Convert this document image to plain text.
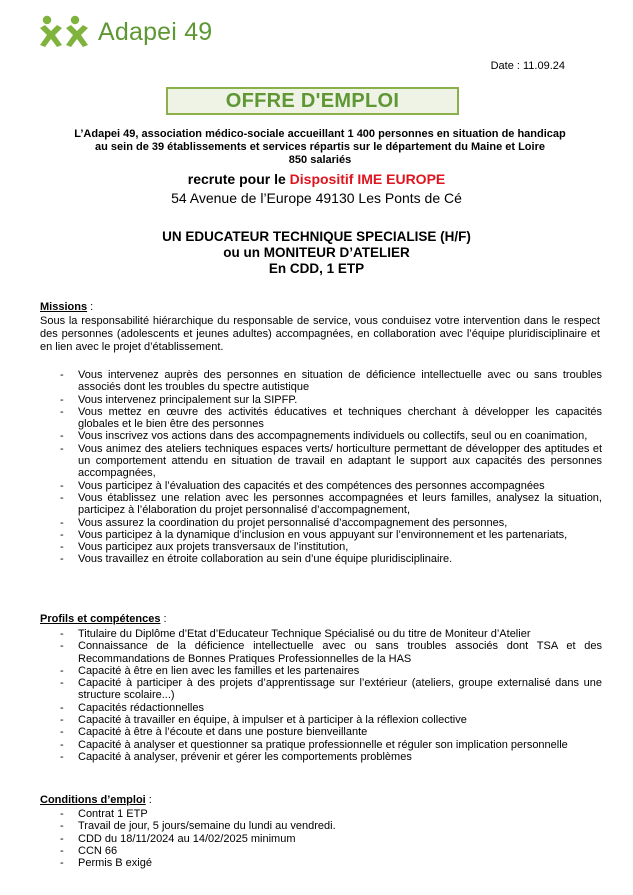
Adapei 49
Date : 11.09.24
OFFRE D'EMPLOI
L’Adapei 49, association médico-sociale accueillant 1 400 personnes en situation de handicap
au sein de 39 établissements et services répartis sur le département du Maine et Loire
850 salariés
recrute pour le Dispositif IME EUROPE
54 Avenue de l’Europe 49130 Les Ponts de Cé
UN EDUCATEUR TECHNIQUE SPECIALISE (H/F)
ou un MONITEUR D’ATELIER
En CDD, 1 ETP
Missions :
Sous la responsabilité hiérarchique du responsable de service, vous conduisez votre intervention dans le respect des personnes (adolescents et jeunes adultes) accompagnées, en collaboration avec l’équipe pluridisciplinaire et en lien avec le projet d’établissement.
- Vous intervenez auprès des personnes en situation de déficience intellectuelle avec ou sans troubles associés dont les troubles du spectre autistique
- Vous intervenez principalement sur la SIPFP.
- Vous mettez en œuvre des activités éducatives et techniques cherchant à développer les capacités globales et le bien être des personnes
- Vous inscrivez vos actions dans des accompagnements individuels ou collectifs, seul ou en coanimation,
- Vous animez des ateliers techniques espaces verts/ horticulture permettant de développer des aptitudes et un comportement attendu en situation de travail en adaptant le support aux capacités des personnes accompagnées,
- Vous participez à l’évaluation des capacités et des compétences des personnes accompagnées
- Vous établissez une relation avec les personnes accompagnées et leurs familles, analysez la situation, participez à l’élaboration du projet personnalisé d’accompagnement,
- Vous assurez la coordination du projet personnalisé d’accompagnement des personnes,
- Vous participez à la dynamique d’inclusion en vous appuyant sur l’environnement et les partenariats,
- Vous participez aux projets transversaux de l’institution,
- Vous travaillez en étroite collaboration au sein d’une équipe pluridisciplinaire.
Profils et compétences :
- Titulaire du Diplôme d’Etat d’Educateur Technique Spécialisé ou du titre de Moniteur d’Atelier
- Connaissance de la déficience intellectuelle avec ou sans troubles associés dont TSA et des Recommandations de Bonnes Pratiques Professionnelles de la HAS
- Capacité à être en lien avec les familles et les partenaires
- Capacité à participer à des projets d’apprentissage sur l’extérieur (ateliers, groupe externalisé dans une structure scolaire...)
- Capacités rédactionnelles
- Capacité à travailler en équipe, à impulser et à participer à la réflexion collective
- Capacité à être à l’écoute et dans une posture bienveillante
- Capacité à analyser et questionner sa pratique professionnelle et réguler son implication personnelle
- Capacité à analyser, prévenir et gérer les comportements problèmes
Conditions d’emploi :
- Contrat 1 ETP
- Travail de jour, 5 jours/semaine du lundi au vendredi.
- CDD du 18/11/2024 au 14/02/2025 minimum
- CCN 66
- Permis B exigé
